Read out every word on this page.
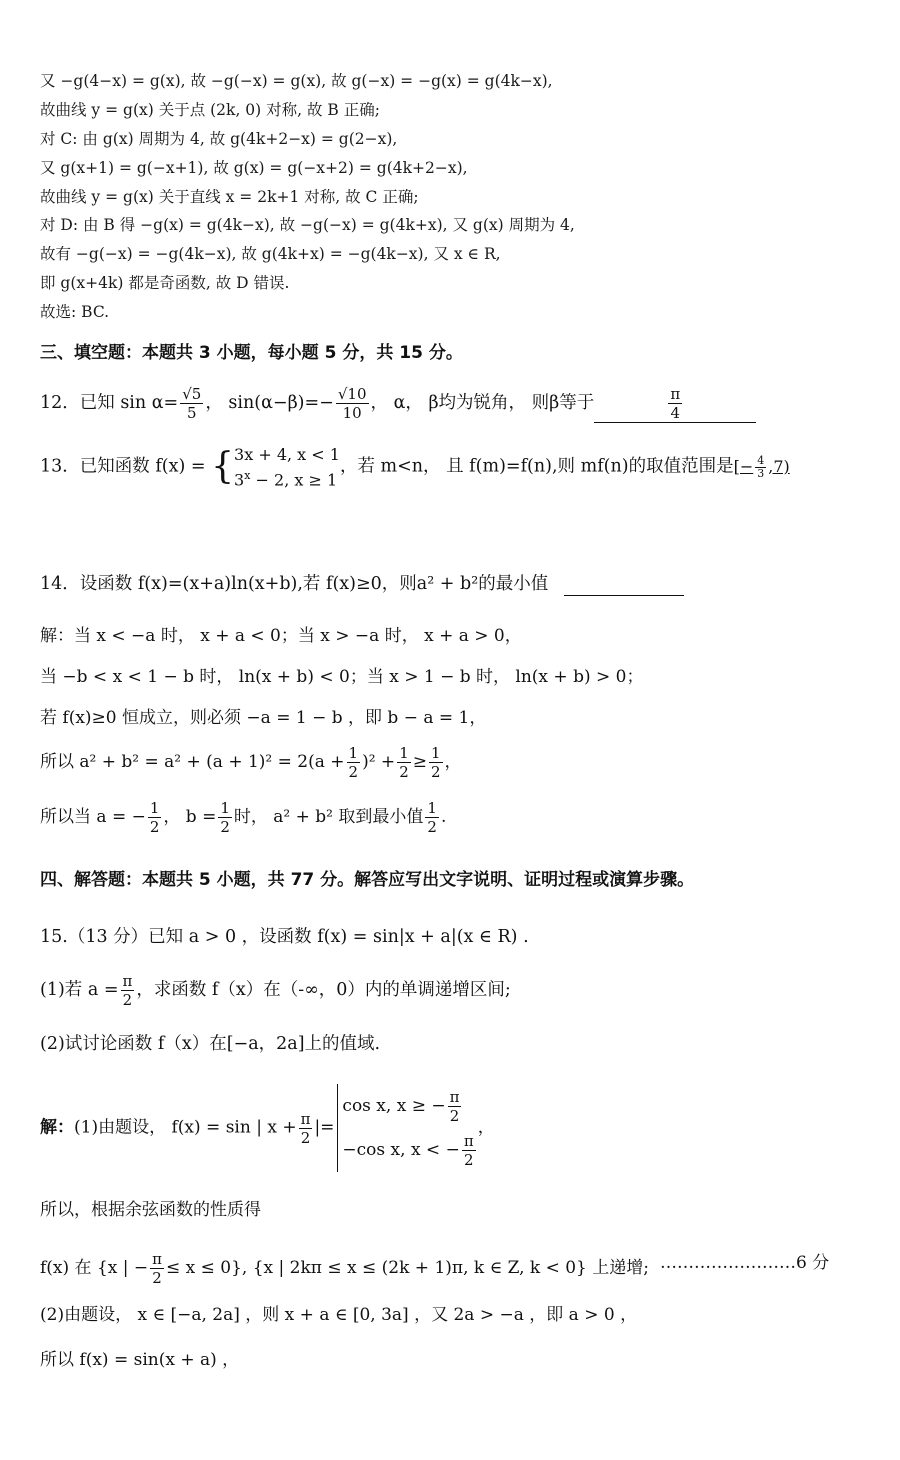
又 −g(4−x) = g(x), 故 −g(−x) = g(x), 故 g(−x) = −g(x) = g(4k−x),
故曲线 y = g(x) 关于点 (2k, 0) 对称, 故 B 正确;
对 C: 由 g(x) 周期为 4, 故 g(4k+2−x) = g(2−x),
又 g(x+1) = g(−x+1), 故 g(x) = g(−x+2) = g(4k+2−x),
故曲线 y = g(x) 关于直线 x = 2k+1 对称, 故 C 正确;
对 D: 由 B 得 −g(x) = g(4k−x), 故 −g(−x) = g(4k+x), 又 g(x) 周期为 4,
故有 −g(−x) = −g(4k−x), 故 g(4k+x) = −g(4k−x), 又 x ∈ R,
即 g(x+4k) 都是奇函数, 故 D 错误.
故选: BC.
三、填空题：本题共 3 小题，每小题 5 分，共 15 分。
12．已知 $\sin \alpha= \frac{√5}{5}$ ， $\sin(\alpha-\beta)=- \frac{√10}{10}$ ， α， β均为锐角， 则β等于	$\frac{\pi}{4}$
13．已知函数 f(x) = { 3x + 4, x < 1
$3^x - 2$, x ≥ 1
，若 m<n， 且 f(m)=f(n),则 mf(n)的取值范围是[− $\frac{4}{3} ,7$)
14．设函数 f(x)=(x+a)ln(x+b),若 f(x)≥0，则a² + b²的最小值
解：当 x < −a 时， x + a < 0；当 x > −a 时， x + a > 0，
当 −b < x < 1 − b 时， ln(x + b) < 0；当 x > 1 − b 时， ln(x + b) > 0；
若 f(x)≥0 恒成立，则必须 −a = 1 − b ，即 b − a = 1，
所以 $a^2 + b^2 = a^2 + (a + 1)^2 = 2(a + \frac{1}{2} )^2 + \frac{1}{2} \ge \frac{1}{2}$ ，
所以当 a = − $\frac{1}{2}$ ， $b = \frac{1}{2}$ 时， a² + b² 取到最小值 $\frac{1}{2}$ .
四、解答题：本题共 5 小题，共 77 分。解答应写出文字说明、证明过程或演算步骤。
15.（13 分）已知 a > 0 ，设函数 f(x) = sin|x + a|(x ∈ R) .
(1)若 $a = \frac{\pi}{2}$ ，求函数 f（x）在（-∞，0）内的单调递增区间;
(2)试讨论函数 f（x）在[−a，2a]上的值域.
解：(1)由题设， f(x) = sin | $x + \frac{\pi}{2}$ |=
cos x, x ≥ − $\frac{\pi}{2}$
−cos x, x < − $\frac{\pi}{2}$
，
所以，根据余弦函数的性质得
f(x) 在 {x | − $\frac{\pi}{2} \le x \le 0$}, {x | 2kπ ≤ x ≤ (2k + 1)π, k ∈ Z, k < 0} 上递增; ……………………6 分
(2)由题设， x ∈ [−a, 2a] ，则 x + a ∈ [0, 3a] ，又 2a > −a ，即 a > 0 ，
所以 f(x) = sin(x + a) ，
